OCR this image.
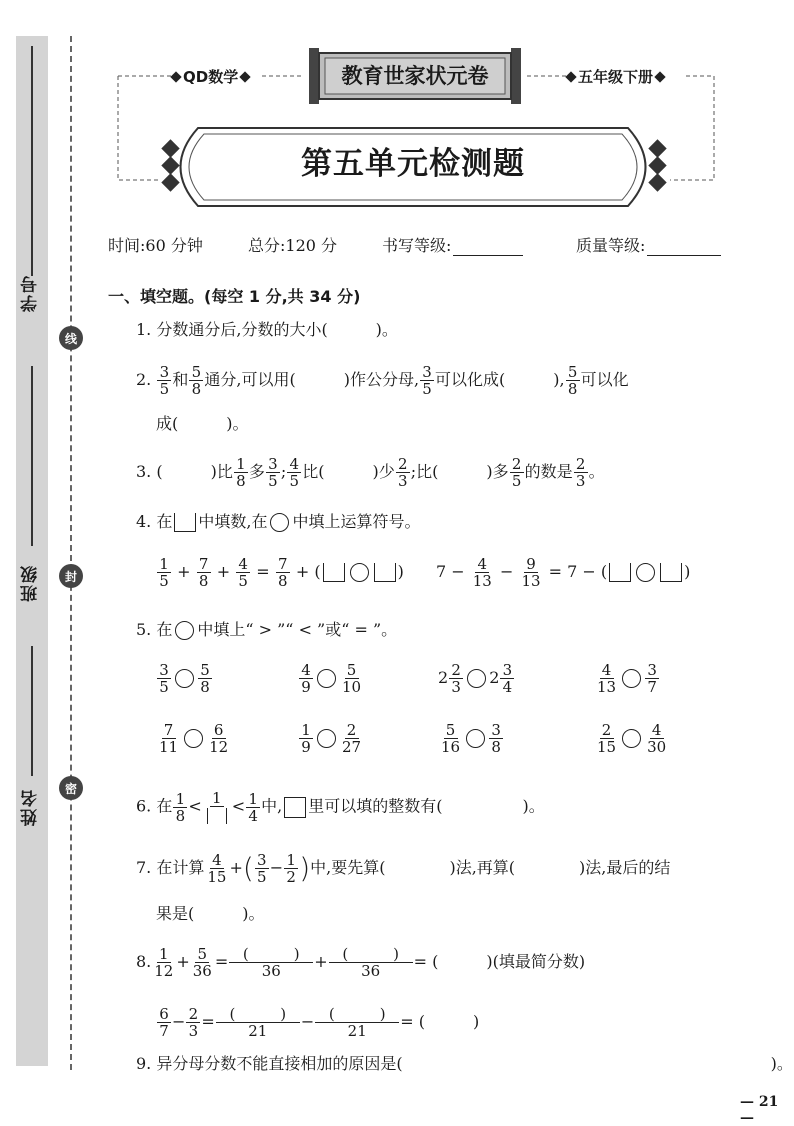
学号
班级
姓名
线
封
密
QD数学	五年级下册
教育世家状元卷
第五单元检测题
时间:60 分钟	总分:120 分	书写等级:	质量等级:
一、填空题。(每空 1 分,共 34 分)
1. 分数通分后,分数的大小(　　　)。
2. $\frac{3}{5}$ 和 $\frac{5}{8}$ 通分,可以用(　　　)作公分母, $\frac{3}{5}$ 可以化成(　　　), $\frac{5}{8}$ 可以化
成(　　　)。
3. (　　　)比 $\frac{1}{8}$ 多 $\frac{3}{5}$ ; $\frac{4}{5}$ 比(　　　)少 $\frac{2}{3}$ ;比(　　　)多 $\frac{2}{5}$ 的数是 $\frac{2}{3}$ 。
4. 在 中填数,在 中填上运算符号。
$\frac{1}{5} + \frac{7}{8} + \frac{4}{5} = \frac{7}{8}$ + (	) $7 - \frac{4}{13} - \frac{9}{13} = 7$ − (	)
5. 在 中填上“ > ”“ < ”或“ = ”。
$\frac{3}{5} \frac{5}{8}$	$\frac{4}{9} \frac{5}{10}$	$2 \frac{2}{3} 2 \frac{3}{4}$	$\frac{4}{13} \frac{3}{7}$
$\frac{7}{11} \frac{6}{12}$	$\frac{1}{9} \frac{2}{27}$	$\frac{5}{16} \frac{3}{8}$	$\frac{2}{15} \frac{4}{30}$
6. 在 $\frac{1}{8} < 1 < \frac{1}{4}$ 中, 里可以填的整数有(　　　　　)。
7. 在计算 $\frac{4}{15}$ +( $\frac{3}{5} - \frac{1}{2}$ )中,要先算(　　　　)法,再算(　　　　)法,最后的结
果是(　　　)。
8. $\frac{1}{12} + \frac{5}{36}$ = (　　　)
36	+ (　　　)
36	= (　　　)(填最简分数)
$\frac{6}{7} - \frac{2}{3}$ = (　　　)
21	− (　　　)
21	= (　　　)
9. 异分母分数不能直接相加的原因是(　　　　　　　　　　　　　　　　　　　　　　　)。
— 21 —
